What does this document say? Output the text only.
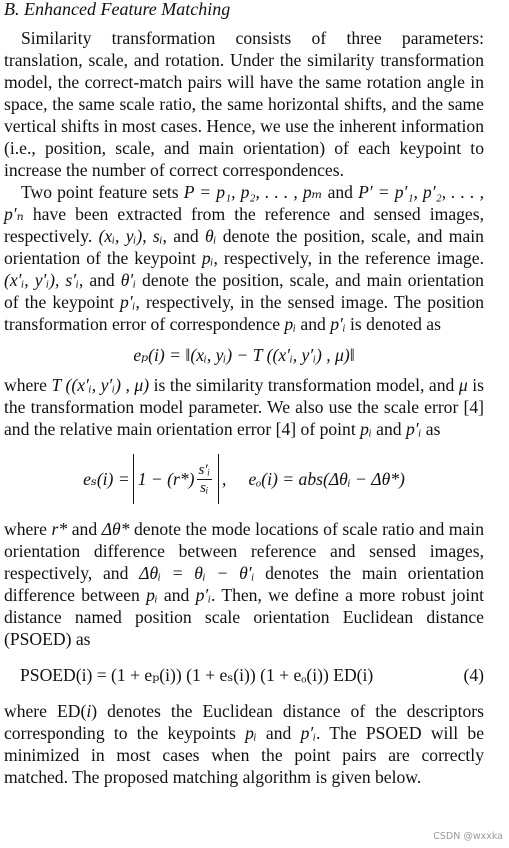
B. Enhanced Feature Matching

Similarity transformation consists of three parameters: translation, scale, and rotation. Under the similarity transformation model, the correct-match pairs will have the same rotation angle in space, the same scale ratio, the same horizontal shifts, and the same vertical shifts in most cases. Hence, we use the inherent information (i.e., position, scale, and main orientation) of each keypoint to increase the number of correct correspondences.

Two point feature sets P = p₁, p₂, . . . , pₘ and P′ = p′₁, p′₂, . . . , p′ₙ have been extracted from the reference and sensed images, respectively. (xᵢ, yᵢ), sᵢ, and θᵢ denote the position, scale, and main orientation of the keypoint pᵢ, respectively, in the reference image. (x′ᵢ, y′ᵢ), s′ᵢ, and θ′ᵢ denote the position, scale, and main orientation of the keypoint p′ᵢ, respectively, in the sensed image. The position transformation error of correspondence pᵢ and p′ᵢ is denoted as

eₚ(i) = ‖(xᵢ, yᵢ) − T ((x′ᵢ, y′ᵢ) , μ)‖

where T ((x′ᵢ, y′ᵢ) , μ) is the similarity transformation model, and μ is the transformation model parameter. We also use the scale error [4] and the relative main orientation error [4] of point pᵢ and p′ᵢ as

$e_s(i) = 1 - (r*) \frac{\text{s′ᵢ}}{\text{sᵢ}}$ , eₒ(i) = abs(Δθᵢ − Δθ*)

where r* and Δθ* denote the mode locations of scale ratio and main orientation difference between reference and sensed images, respectively, and Δθᵢ = θᵢ − θ′ᵢ denotes the main orientation difference between pᵢ and p′ᵢ. Then, we define a more robust joint distance named position scale orientation Euclidean distance (PSOED) as

PSOED(i) = (1 + eₚ(i)) (1 + eₛ(i)) (1 + eₒ(i)) ED(i)	(4)

where ED(i) denotes the Euclidean distance of the descriptors corresponding to the keypoints pᵢ and p′ᵢ. The PSOED will be minimized in most cases when the point pairs are correctly matched. The proposed matching algorithm is given below.

CSDN @wxxka
